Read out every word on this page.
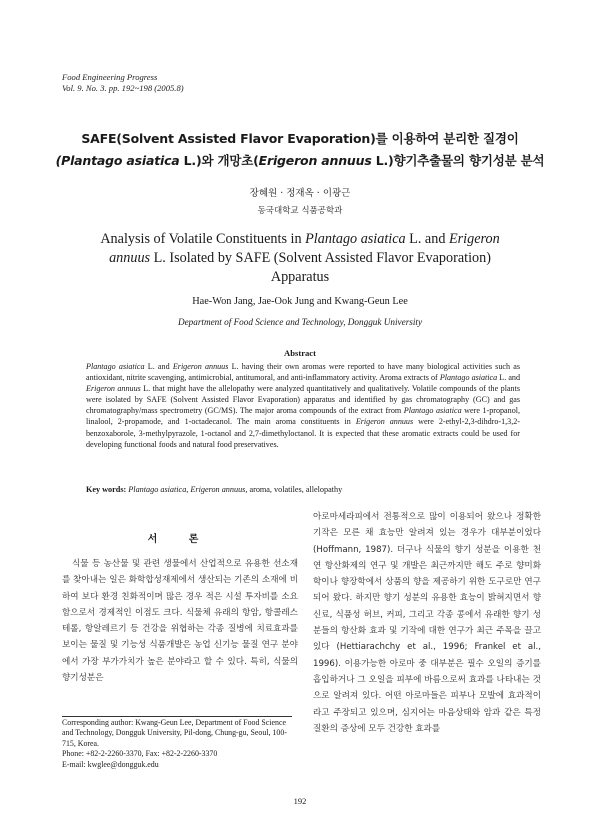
Food Engineering Progress
Vol. 9. No. 3. pp. 192~198 (2005.8)
SAFE(Solvent Assisted Flavor Evaporation)를 이용하여 분리한 질경이
(Plantago asiatica L.)와 개망초(Erigeron annuus L.)향기추출물의 향기성분 분석
장혜원 · 정재옥 · 이광근
동국대학교 식품공학과
Analysis of Volatile Constituents in Plantago asiatica L. and Erigeron annuus L. Isolated by SAFE (Solvent Assisted Flavor Evaporation) Apparatus
Hae-Won Jang, Jae-Ook Jung and Kwang-Geun Lee
Department of Food Science and Technology, Dongguk University
Abstract
Plantago asiatica L. and Erigeron annuus L. having their own aromas were reported to have many biological activities such as antioxidant, nitrite scavenging, antimicrobial, antitumoral, and anti-inflammatory activity. Aroma extracts of Plantago asiatica L. and Erigeron annuus L. that might have the allelopathy were analyzed quantitatively and qualitatively. Volatile compounds of the plants were isolated by SAFE (Solvent Assisted Flavor Evaporation) apparatus and identified by gas chromatography (GC) and gas chromatography/mass spectrometry (GC/MS). The major aroma compounds of the extract from Plantago asiatica were 1-propanol, linalool, 2-propamode, and 1-octadecanol. The main aroma constituents in Erigeron annuus were 2-ethyl-2,3-dihdro-1,3,2-benzoxaborole, 3-methylpyrazole, 1-octanol and 2,7-dimethyloctanol. It is expected that these aromatic extracts could be used for developing functional foods and natural food preservatives.
Key words: Plantago asiatica, Erigeron annuus, aroma, volatiles, allelopathy
서 론
식물 등 농산물 및 관련 생물에서 산업적으로 유용한 선소재를 찾아내는 일은 화학합성재제에서 생산되는 기존의 소재에 비하여 보다 환경 친화적이며 많은 경우 적은 시설 투자비를 소요함으로서 경제적인 이점도 크다. 식물체 유래의 항암, 항콜레스테롤, 항알레르기 등 건강을 위협하는 각종 질병에 치료효과를 보이는 물질 및 기능성 식품개발은 농업 신기능 물질 연구 분야에서 가장 부가가치가 높은 분야라고 할 수 있다. 특히, 식물의 향기성분은
아로마세라피에서 전통적으로 많이 이용되어 왔으나 정확한 기작은 모른 채 효능만 알려져 있는 경우가 대부분이었다(Hoffmann, 1987). 더구나 식물의 향기 성분을 이용한 천연 항산화제의 연구 및 개발은 최근까지만 해도 주로 향미화학이나 향장학에서 상품의 향을 제공하기 위한 도구로만 연구되어 왔다. 하지만 향기 성분의 유용한 효능이 밝혀지면서 향신료, 식품성 허브, 커피, 그리고 각종 콩에서 유래한 향기 성분들의 항산화 효과 및 기작에 대한 연구가 최근 주목을 끌고 있다 (Hettiarachchy et al., 1996; Frankel et al., 1996). 이용가능한 아로마 중 대부분은 필수 오일의 증기를 흡입하거나 그 오일을 피부에 바름으로써 효과를 나타내는 것으로 알려져 있다. 어떤 아로마들은 피부나 모발에 효과적이라고 주장되고 있으며, 심지어는 마음상태와 암과 같은 특정 질환의 증상에 모두 건강한 효과를
Corresponding author: Kwang-Geun Lee, Department of Food Science and Technology, Dongguk University, Pil-dong, Chung-gu, Seoul, 100-715, Korea.
Phone: +82-2-2260-3370, Fax: +82-2-2260-3370
E-mail: kwglee@dongguk.edu
192
